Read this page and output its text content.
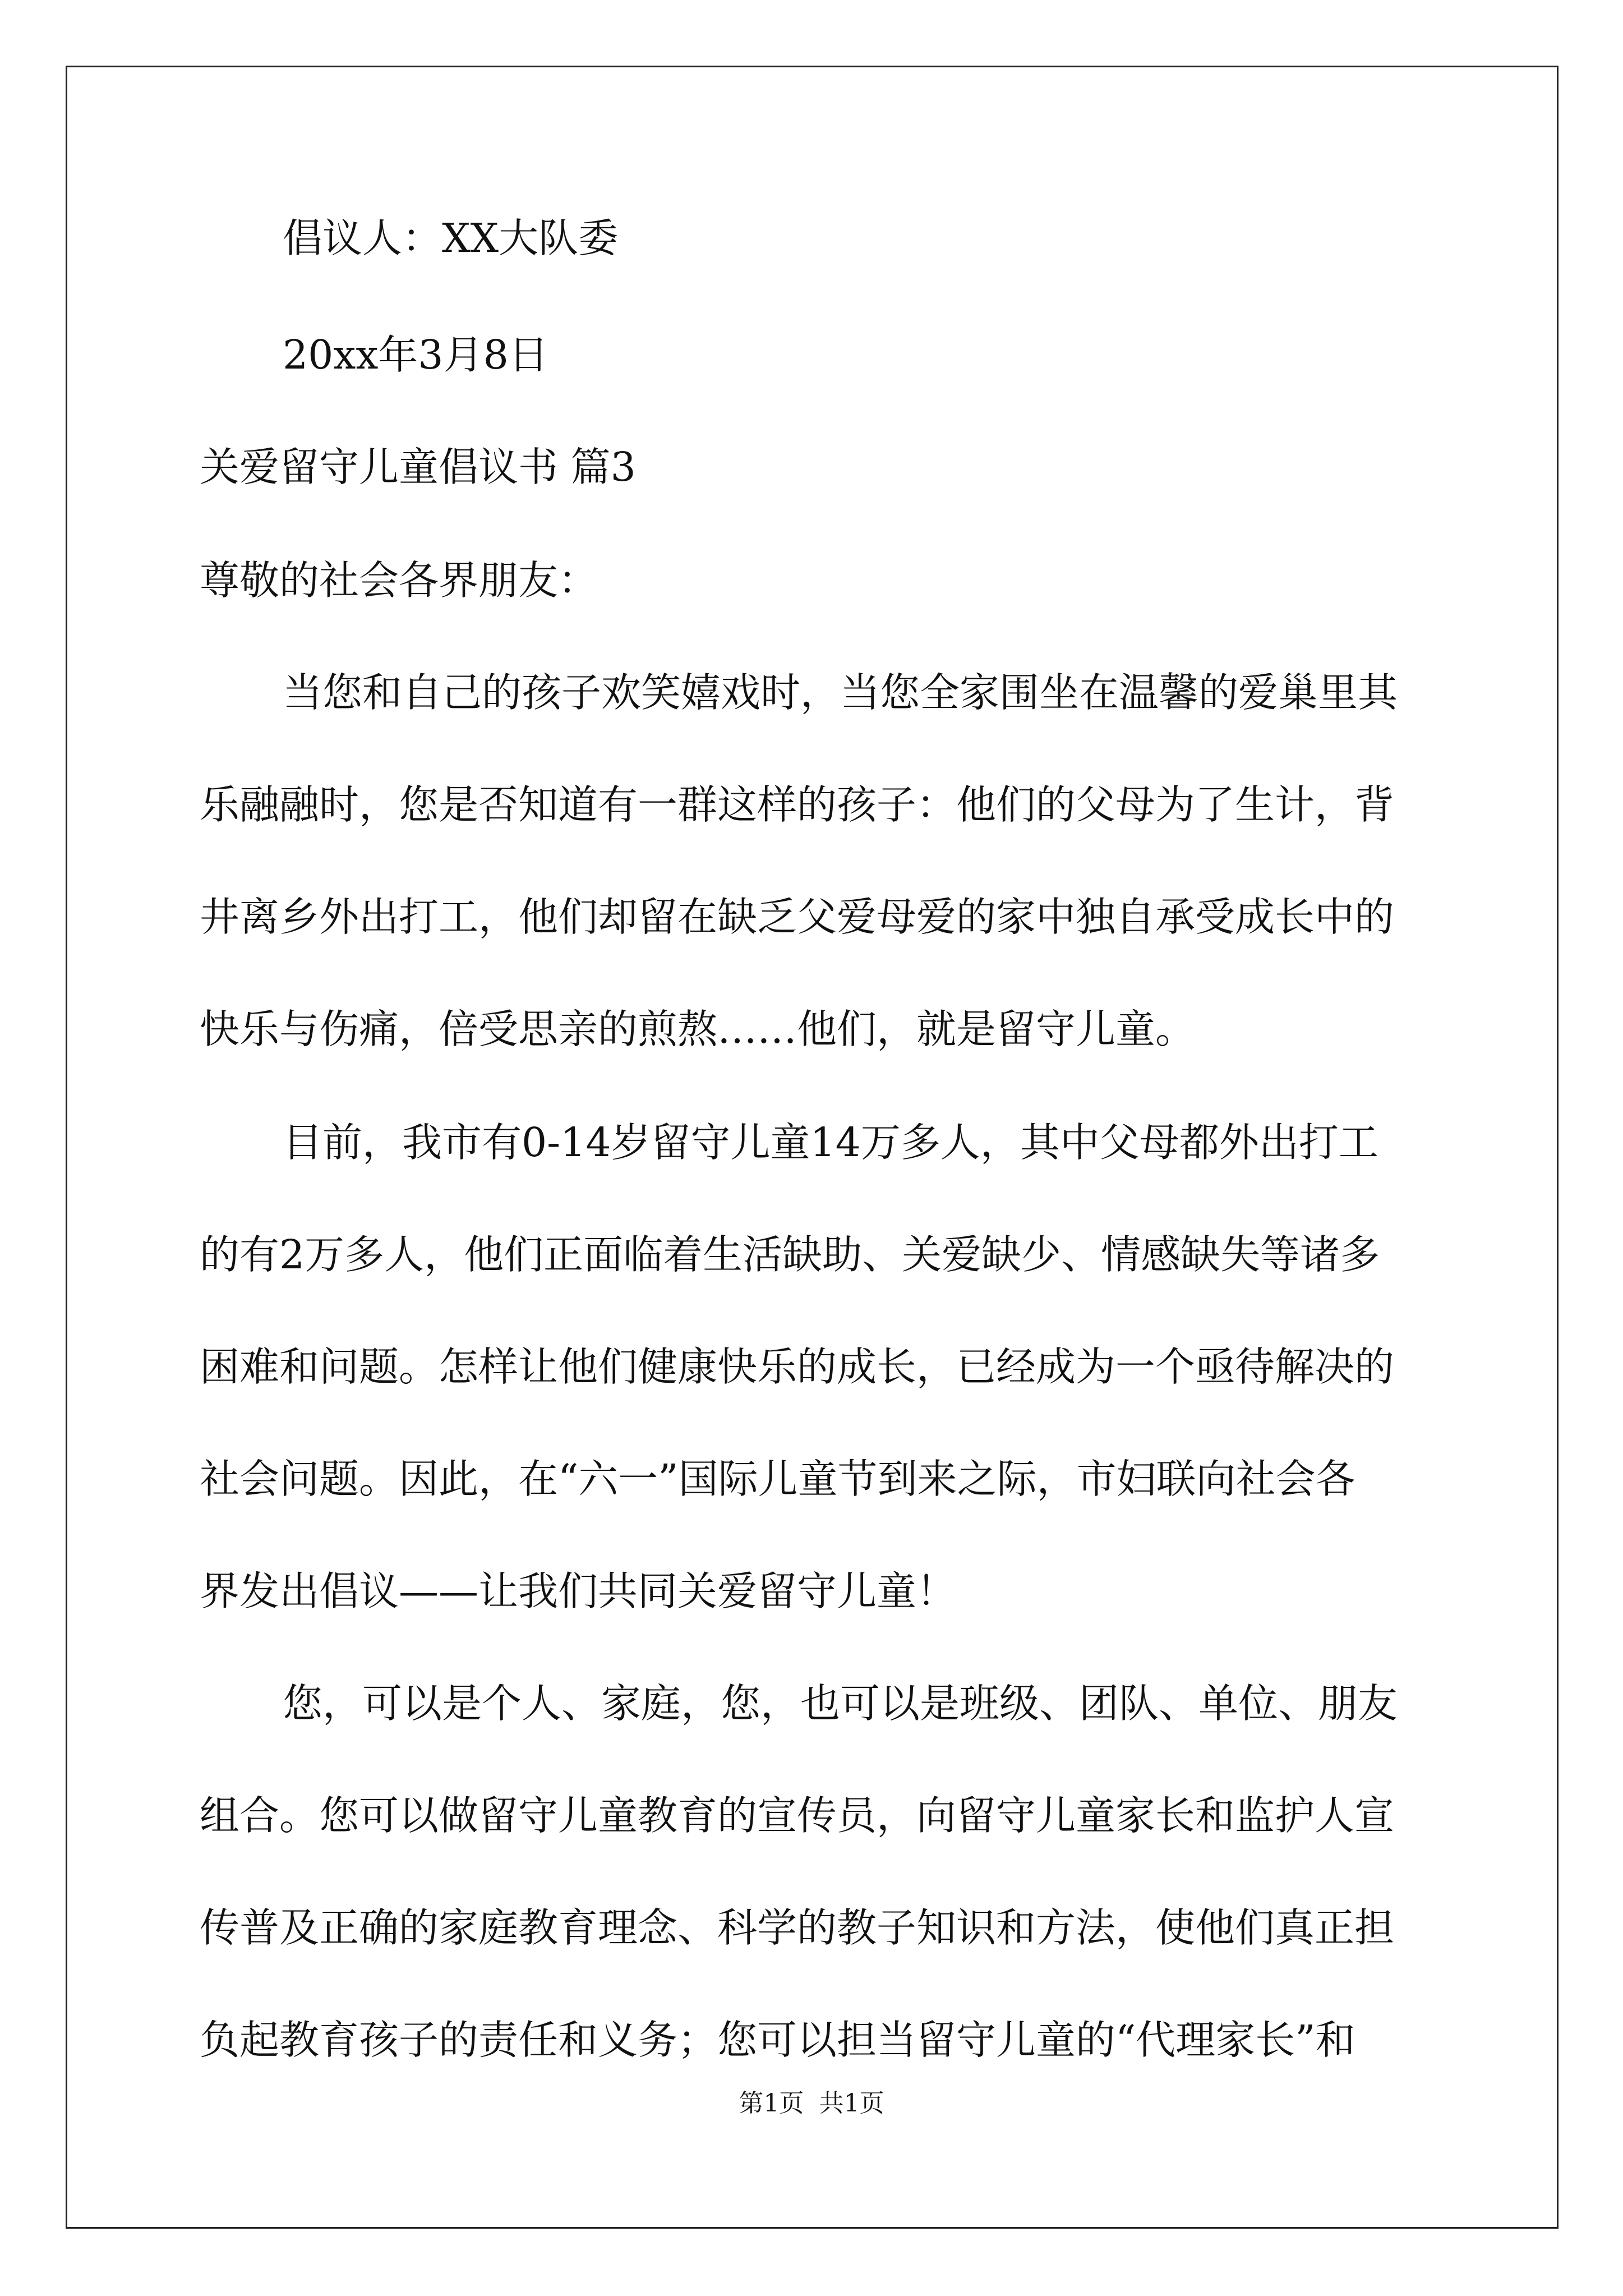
倡议人：XX大队委
20xx年3月8日
关爱留守儿童倡议书 篇3
尊敬的社会各界朋友：
当您和自己的孩子欢笑嬉戏时，当您全家围坐在温馨的爱巢里其
乐融融时，您是否知道有一群这样的孩子：他们的父母为了生计，背
井离乡外出打工，他们却留在缺乏父爱母爱的家中独自承受成长中的
快乐与伤痛，倍受思亲的煎熬……他们，就是留守儿童。
目前，我市有0-14岁留守儿童14万多人，其中父母都外出打工
的有2万多人，他们正面临着生活缺助、关爱缺少、情感缺失等诸多
困难和问题。怎样让他们健康快乐的成长，已经成为一个亟待解决的
社会问题。因此，在“六一”国际儿童节到来之际，市妇联向社会各
界发出倡议——让我们共同关爱留守儿童！
您，可以是个人、家庭，您，也可以是班级、团队、单位、朋友
组合。您可以做留守儿童教育的宣传员，向留守儿童家长和监护人宣
传普及正确的家庭教育理念、科学的教子知识和方法，使他们真正担
负起教育孩子的责任和义务；您可以担当留守儿童的“代理家长”和
第1页 共1页
